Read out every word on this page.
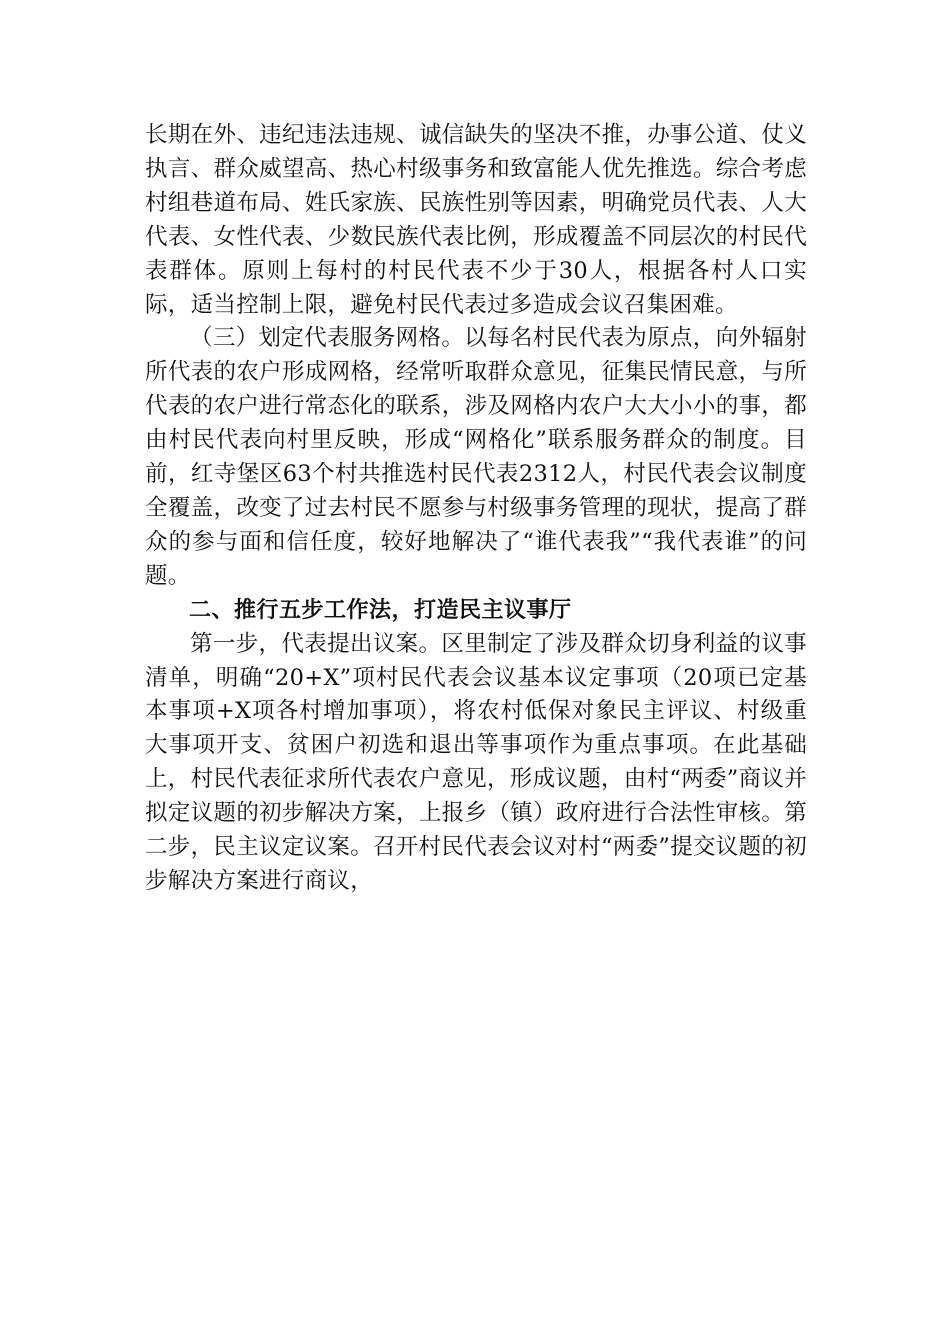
长期在外、违纪违法违规、诚信缺失的坚决不推，办事公道、仗义执言、群众威望高、热心村级事务和致富能人优先推选。综合考虑村组巷道布局、姓氏家族、民族性别等因素，明确党员代表、人大代表、女性代表、少数民族代表比例，形成覆盖不同层次的村民代表群体。原则上每村的村民代表不少于30人，根据各村人口实际，适当控制上限，避免村民代表过多造成会议召集困难。

（三）划定代表服务网格。以每名村民代表为原点，向外辐射所代表的农户形成网格，经常听取群众意见，征集民情民意，与所代表的农户进行常态化的联系，涉及网格内农户大大小小的事，都由村民代表向村里反映，形成“网格化”联系服务群众的制度。目前，红寺堡区63个村共推选村民代表2312人，村民代表会议制度全覆盖，改变了过去村民不愿参与村级事务管理的现状，提高了群众的参与面和信任度，较好地解决了“谁代表我”“我代表谁”的问题。

二、推行五步工作法，打造民主议事厅

第一步，代表提出议案。区里制定了涉及群众切身利益的议事清单，明确“20+X”项村民代表会议基本议定事项（20项已定基本事项+X项各村增加事项），将农村低保对象民主评议、村级重大事项开支、贫困户初选和退出等事项作为重点事项。在此基础上，村民代表征求所代表农户意见，形成议题，由村“两委”商议并拟定议题的初步解决方案，上报乡（镇）政府进行合法性审核。第二步，民主议定议案。召开村民代表会议对村“两委”提交议题的初步解决方案进行商议，
